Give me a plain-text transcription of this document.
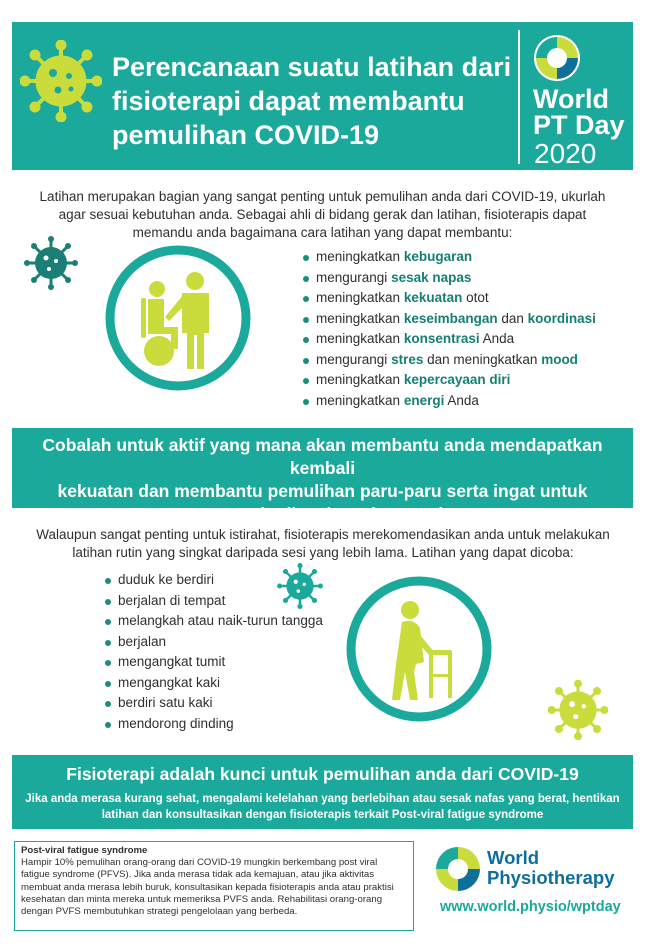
Perencanaan suatu latihan dari
fisioterapi dapat membantu
pemulihan COVID-19
World
PT Day
2020
Latihan merupakan bagian yang sangat penting untuk pemulihan anda dari COVID-19, ukurlah agar sesuai kebutuhan anda. Sebagai ahli di bidang gerak dan latihan, fisioterapis dapat memandu anda bagaimana cara latihan yang dapat membantu:
meningkatkan kebugaran
mengurangi sesak napas
meningkatkan kekuatan otot
meningkatkan keseimbangan dan koordinasi
meningkatkan konsentrasi Anda
mengurangi stres dan meningkatkan mood
meningkatkan kepercayaan diri
meningkatkan energi Anda
Cobalah untuk aktif yang mana akan membantu anda mendapatkan kembali
kekuatan dan membantu pemulihan paru-paru serta ingat untuk
memperhatikan kemajuan anda
Walaupun sangat penting untuk istirahat, fisioterapis merekomendasikan anda untuk melakukan latihan rutin yang singkat daripada sesi yang lebih lama. Latihan yang dapat dicoba:
duduk ke berdiri
berjalan di tempat
melangkah atau naik-turun tangga
berjalan
mengangkat tumit
mengangkat kaki
berdiri satu kaki
mendorong dinding
Fisioterapi adalah kunci untuk pemulihan anda dari COVID-19
Jika anda merasa kurang sehat, mengalami kelelahan yang berlebihan atau sesak nafas yang berat, hentikan latihan dan konsultasikan dengan fisioterapis terkait Post-viral fatigue syndrome
Post-viral fatigue syndrome
Hampir 10% pemulihan orang-orang dari COVID-19 mungkin berkembang post viral fatigue syndrome (PFVS). Jika anda merasa tidak ada kemajuan, atau jika aktivitas membuat anda merasa lebih buruk, konsultasikan kepada fisioterapis anda atau praktisi kesehatan dan minta mereka untuk memeriksa PVFS anda. Rehabilitasi orang-orang dengan PVFS membutuhkan strategi pengelolaan yang berbeda.
World
Physiotherapy
www.world.physio/wptday
